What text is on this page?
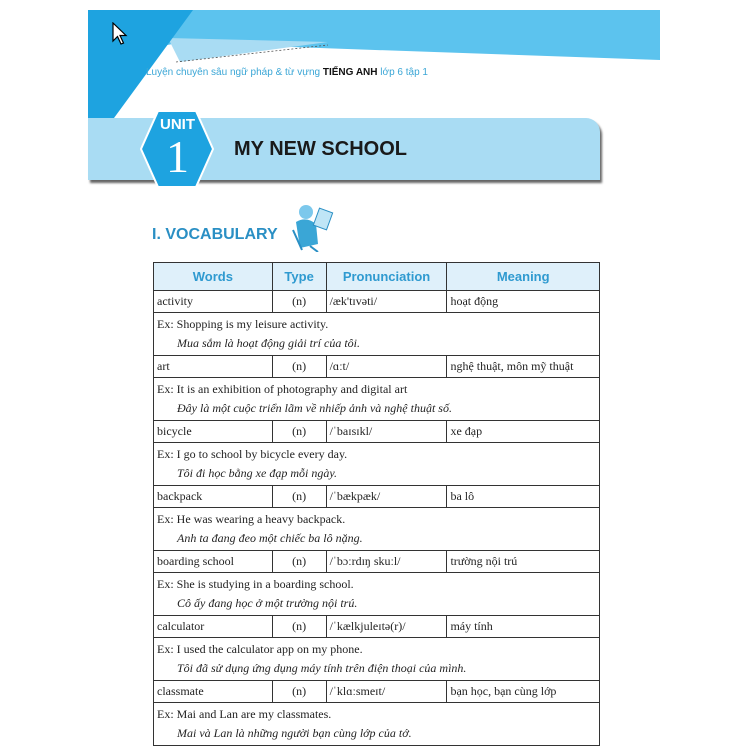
Luyện chuyên sâu ngữ pháp & từ vựng TIẾNG ANH lớp 6 tập 1
UNIT
1 MY NEW SCHOOL
I. VOCABULARY
Words	Type	Pronunciation	Meaning
activity	(n)	/æk'tɪvəti/	hoạt động
Ex: Shopping is my leisure activity.
Mua sắm là hoạt động giải trí của tôi.			

art	(n)	/ɑːt/	nghệ thuật, môn mỹ thuật
Ex: It is an exhibition of photography and digital art
Đây là một cuộc triển lãm về nhiếp ảnh và nghệ thuật số.			

bicycle	(n)	/ˈbaɪsɪkl/	xe đạp
Ex: I go to school by bicycle every day.
Tôi đi học bằng xe đạp mỗi ngày.			

backpack	(n)	/ˈbækpæk/	ba lô
Ex: He was wearing a heavy backpack.
Anh ta đang đeo một chiếc ba lô nặng.			

boarding school	(n)	/ˈbɔːrdɪŋ skuːl/	trường nội trú
Ex: She is studying in a boarding school.
Cô ấy đang học ở một trường nội trú.			

calculator	(n)	/ˈkælkjuleɪtə(r)/	máy tính
Ex: I used the calculator app on my phone.
Tôi đã sử dụng ứng dụng máy tính trên điện thoại của mình.			

classmate	(n)	/ˈklɑːsmeɪt/	bạn học, bạn cùng lớp
Ex: Mai and Lan are my classmates.
Mai và Lan là những người bạn cùng lớp của tớ.			
